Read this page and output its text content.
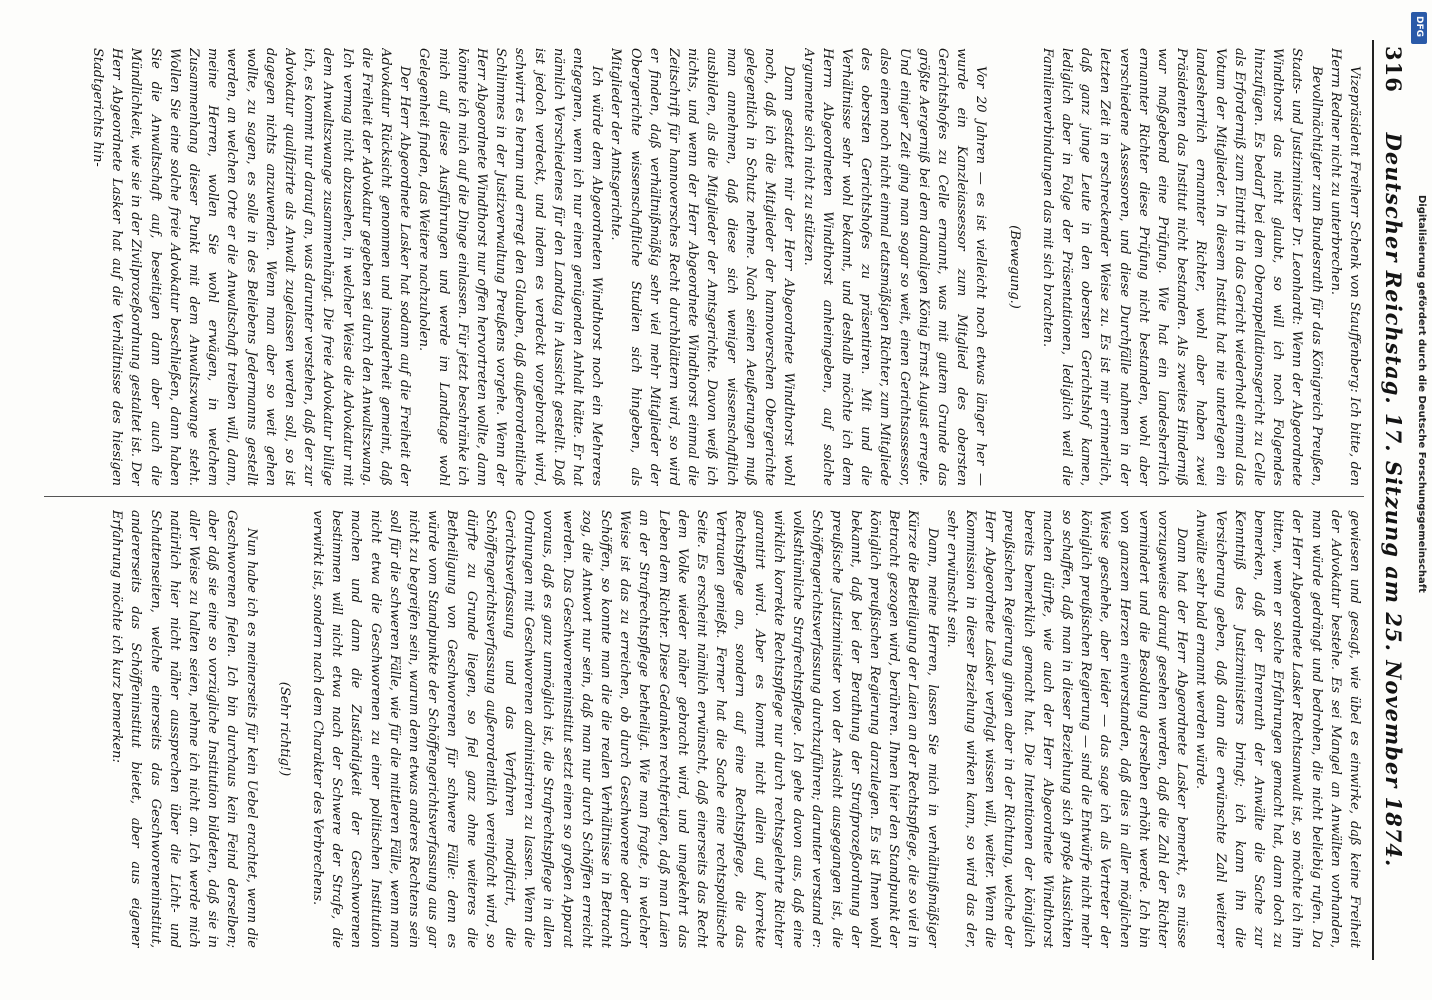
316
Deutscher Reichstag. 17. Sitzung am 25. November 1874.

Vizepräsident Freiherr Schenk von Stauffenberg: Ich bitte, den Herrn Redner nicht zu unterbrechen.

Bevollmächtigter zum Bundesrath für das Königreich Preußen, Staats- und Justizminister Dr. Leonhardt: Wenn der Abgeordnete Windthorst das nicht glaubt, so will ich noch Folgendes hinzufügen. Es bedarf bei dem Oberappellationsgericht zu Celle als Erforderniß zum Eintritt in das Gericht wiederholt einmal das Votum der Mitglieder. In diesem Institut hat nie unterlegen ein landesherrlich ernannter Richter, wohl aber haben zwei Präsidenten das Institut nicht bestanden. Als zweites Hinderniß war maßgebend eine Prüfung. Wie hat ein landesherrlich ernannter Richter diese Prüfung nicht bestanden, wohl aber verschiedene Assessoren, und diese Durchfälle nahmen in der letzten Zeit in erschreckender Weise zu. Es ist mir erinnerlich, daß ganz junge Leute in den obersten Gerichtshof kamen, lediglich aber in Folge der Präsentationen, lediglich weil die Familienverbindungen das mit sich brachten.

(Bewegung.)

Vor 20 Jahren — es ist vielleicht noch etwas länger her — wurde ein Kanzleiassessor zum Mitglied des obersten Gerichtshofes zu Celle ernannt, was mit gutem Grunde das größte Aergerniß bei dem damaligen König Ernst August erregte. Und einiger Zeit ging man sogar so weit, einen Gerichtsassessor, also einen noch nicht einmal etatsmäßigen Richter, zum Mitgliede des obersten Gerichtshofes zu präsentiren. Mit und die Verhältnisse sehr wohl bekannt, und deshalb möchte ich dem Herrn Abgeordneten Windthorst anheimgeben, auf solche Argumente sich nicht zu stützen.

Dann gestattet mir der Herr Abgeordnete Windthorst wohl noch, daß ich die Mitglieder der hannoverschen Obergerichte gelegentlich in Schutz nehme. Nach seinen Aeußerungen muß man annehmen, daß diese sich weniger wissenschaftlich ausbilden, als die Mitglieder der Amtsgerichte. Davon weiß ich nichts, und wenn der Herr Abgeordnete Windthorst einmal die Zeitschrift für hannoversches Recht durchblättern wird, so wird er finden, daß verhältnißmäßig sehr viel mehr Mitglieder der Obergerichte wissenschaftliche Studien sich hingeben, als Mitglieder der Amtsgerichte.

Ich würde dem Abgeordneten Windthorst noch ein Mehreres entgegnen, wenn ich nur einen genügenden Anhalt hätte. Er hat nämlich Verschiedenes für den Landtag in Aussicht gestellt. Daß ist jedoch verdeckt, und indem es verdeckt vorgebracht wird, schwirrt es herum und erregt den Glauben, daß außerordentliche Schlimmes in der Justizverwaltung Preußens vorgehe. Wenn der Herr Abgeordnete Windthorst nur offen hervortreten wollte, dann könnte ich mich auf die Dinge einlassen. Für jetzt beschränke ich mich auf diese Ausführungen und werde im Landtage wohl Gelegenheit finden, das Weitere nachzuholen.

Der Herr Abgeordnete Lasker hat sodann auf die Freiheit der Advokatur Rücksicht genommen und insonderheit gemeint, daß die Freiheit der Advokatur gegeben sei durch den Anwaltszwang. Ich vermag nicht abzusehen, in welcher Weise die Advokatur mit dem Anwaltszwange zusammenhängt. Die freie Advokatur billige ich, es kommt nur darauf an, was darunter verstehen, daß der zur Advokatur qualifizirte als Anwalt zugelassen werden soll, so ist dagegen nichts anzuwenden. Wenn man aber so weit gehen wollte, zu sagen, es solle in des Beliebens Jedermanns gestellt werden, an welchen Orte er die Anwaltschaft treiben will, dann, meine Herren, wollen Sie wohl erwägen, in welchem Zusammenhang dieser Punkt mit dem Anwaltszwange steht. Wollen Sie eine solche freie Advokatur beschließen, dann haben Sie die Anwaltschaft auf, beseitigen dann aber auch die Mündlichkeit, wie sie in der Zivilprozeßordnung gestaltet ist. Der Herr Abgeordnete Lasker hat auf die Verhältnisse des hiesigen Stadtgerichts hin-

gewiesen und gesagt, wie übel es einwirke, daß keine Freiheit der Advokatur bestehe. Es sei Mangel an Anwälten vorhanden, man würde gedrängt und bedrohen, die nicht beliebig rufen. Da der Herr Abgeordnete Lasker Rechtsanwalt ist, so möchte ich ihn bitten, wenn er solche Erfahrungen gemacht hat, dann doch zu bemerken, daß der Ehrenrath der Anwälte die Sache zur Kenntniß des Justizministers bringt; ich kann ihn die Versicherung geben, daß dann die erwünschte Zahl weiterer Anwälte sehr bald ernannt werden würde.

Dann hat der Herr Abgeordnete Lasker bemerkt, es müsse vorzugsweise darauf gesehen werden, daß die Zahl der Richter vermindert und die Besoldung derselben erhöht werde. Ich bin von ganzem Herzen einverstanden, daß dies in aller möglichen Weise geschehe, aber leider — das sage ich als Vertreter der königlich preußischen Regierung — sind die Entwürfe nicht mehr so schaffen, daß man in dieser Beziehung sich große Aussichten machen dürfte, wie auch der Herr Abgeordnete Windthorst bereits bemerklich gemacht hat. Die Intentionen der königlich preußischen Regierung gingen aber in der Richtung, welche der Herr Abgeordnete Lasker verfolgt wissen will, weiter. Wenn die Kommission in dieser Beziehung wirken kann, so wird das der, sehr erwünscht sein.

Dann, meine Herren, lassen Sie mich in verhältnißmäßiger Kürze die Beteiligung der Laien an der Rechtspflege, die so viel in Betracht gezogen wird, berühren. Ihnen hier den Standpunkt der königlich preußischen Regierung darzulegen. Es ist Ihnen wohl bekannt, daß bei der Berathung der Strafprozeßordnung der preußische Justizminister von der Ansicht ausgegangen ist, die Schöffengerichtsverfassung durchzuführen; darunter verstand er: volksthümliche Strafrechtspflege. Ich gehe davon aus, daß eine wirklich korrekte Rechtspflege nur durch rechtsgelehrte Richter garantirt wird. Aber es kommt nicht allein auf korrekte Rechtspflege an, sondern auf eine Rechtspflege, die das Vertrauen genießt. Ferner hat die Sache eine rechtspolitische Seite. Es erscheint nämlich erwünscht, daß einerseits das Recht dem Volke wieder näher gebracht wird, und umgekehrt das Leben dem Richter. Diese Gedanken rechtfertigen, daß man Laien an der Strafrechtspflege betheiligt. Wie man fragte, in welcher Weise ist das zu erreichen, ob durch Geschworene oder durch Schöffen, so konnte man die die realen Verhältnisse in Betracht zog, die Antwort nur sein, daß man nur durch Schöffen erreicht werden. Das Geschworeneninstitut setzt einen so großen Apparat voraus, daß es ganz unmöglich ist, die Strafrechtspflege in allen Ordnungen mit Geschworenen administriren zu lassen. Wenn die Gerichtsverfassung und das Verfahren modificirt, die Schöffengerichtsverfassung außerordentlich vereinfacht wird, so dürfte zu Grunde liegen, so fiel ganz ohne weiteres die Betheiligung von Geschworenen für schwere Fälle: denn es würde vom Standpunkte der Schöffengerichtsverfassung aus gar nicht zu begreifen sein, warum denn etwas anderes Rechtens sein soll für die schweren Fälle, wie für die mittleren Fälle, wenn man nicht etwa die Geschworenen zu einer politischen Institution machen und dann die Zuständigkeit der Geschworenen bestimmen will nicht etwa nach der Schwere der Strafe, die verwirkt ist, sondern nach dem Charakter des Verbrechens.

(Sehr richtig!)

Nun habe ich es meinerseits für kein Uebel erachtet, wenn die Geschworenen fielen. Ich bin durchaus kein Feind derselben; aber daß sie eine so vorzügliche Institution bildeten, daß sie in aller Weise zu halten seien, nehme ich nicht an. Ich werde mich natürlich hier nicht näher aussprechen über die Licht- und Schattenseiten, welche einerseits das Geschworeneninstitut, andererseits das Schöffeninstitut bietet, aber aus eigener Erfahrung möchte ich kurz bemerken:

Digitalisierung gefördert durch die Deutsche Forschungsgemeinschaft
DFG
